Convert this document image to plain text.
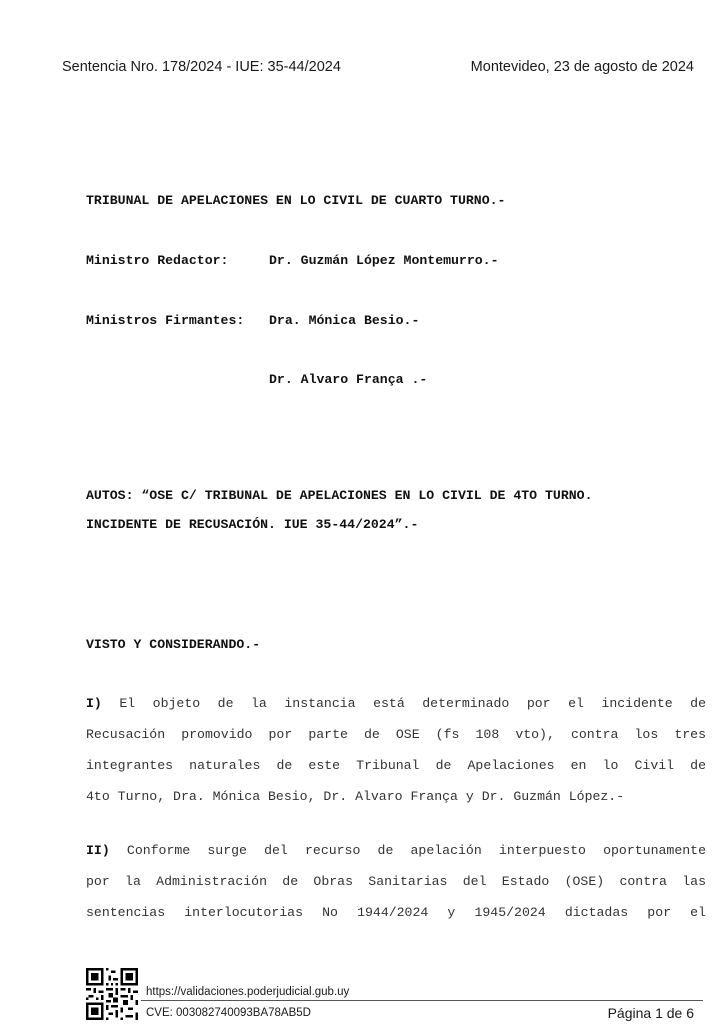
Sentencia Nro. 178/2024 - IUE: 35-44/2024	Montevideo, 23 de agosto de 2024
TRIBUNAL DE APELACIONES EN LO CIVIL DE CUARTO TURNO.-
Ministro Redactor:	Dr. Guzmán López Montemurro.-
Ministros Firmantes: Dra. Mónica Besio.-
Dr. Alvaro França .-
AUTOS: “OSE C/ TRIBUNAL DE APELACIONES EN LO CIVIL DE 4TO TURNO.
INCIDENTE DE RECUSACIÓN. IUE 35-44/2024”.-
VISTO Y CONSIDERANDO.-
I) El objeto de la instancia está determinado por el incidente de
Recusación promovido por parte de OSE (fs 108 vto), contra los tres
integrantes naturales de este Tribunal de Apelaciones en lo Civil de
4to Turno, Dra. Mónica Besio, Dr. Alvaro França y Dr. Guzmán López.-
II) Conforme surge del recurso de apelación interpuesto oportunamente
por la Administración de Obras Sanitarias del Estado (OSE) contra las
sentencias interlocutorias No 1944/2024 y 1945/2024 dictadas por el
https://validaciones.poderjudicial.gub.uy
CVE: 003082740093BA78AB5D	Página 1 de 6
